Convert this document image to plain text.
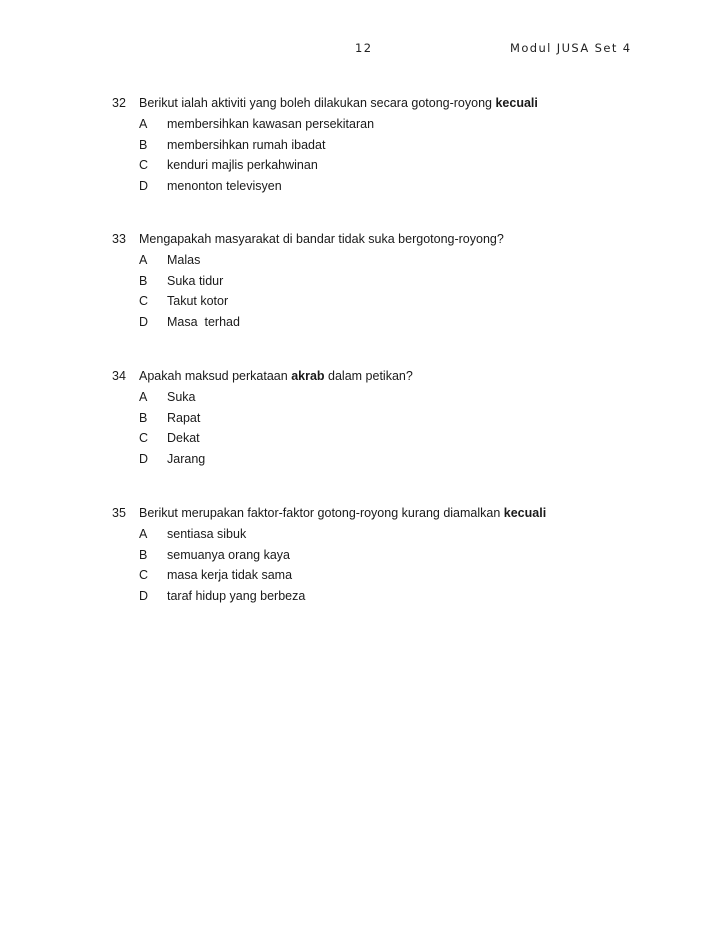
12	Modul JUSA Set 4
32 Berikut ialah aktiviti yang boleh dilakukan secara gotong-royong kecuali
A membersihkan kawasan persekitaran
B membersihkan rumah ibadat
C kenduri majlis perkahwinan
D menonton televisyen
33 Mengapakah masyarakat di bandar tidak suka bergotong-royong?
A Malas
B Suka tidur
C Takut kotor
D Masa  terhad
34 Apakah maksud perkataan akrab dalam petikan?
A Suka
B Rapat
C Dekat
D Jarang
35 Berikut merupakan faktor-faktor gotong-royong kurang diamalkan kecuali
A sentiasa sibuk
B semuanya orang kaya
C masa kerja tidak sama
D taraf hidup yang berbeza
